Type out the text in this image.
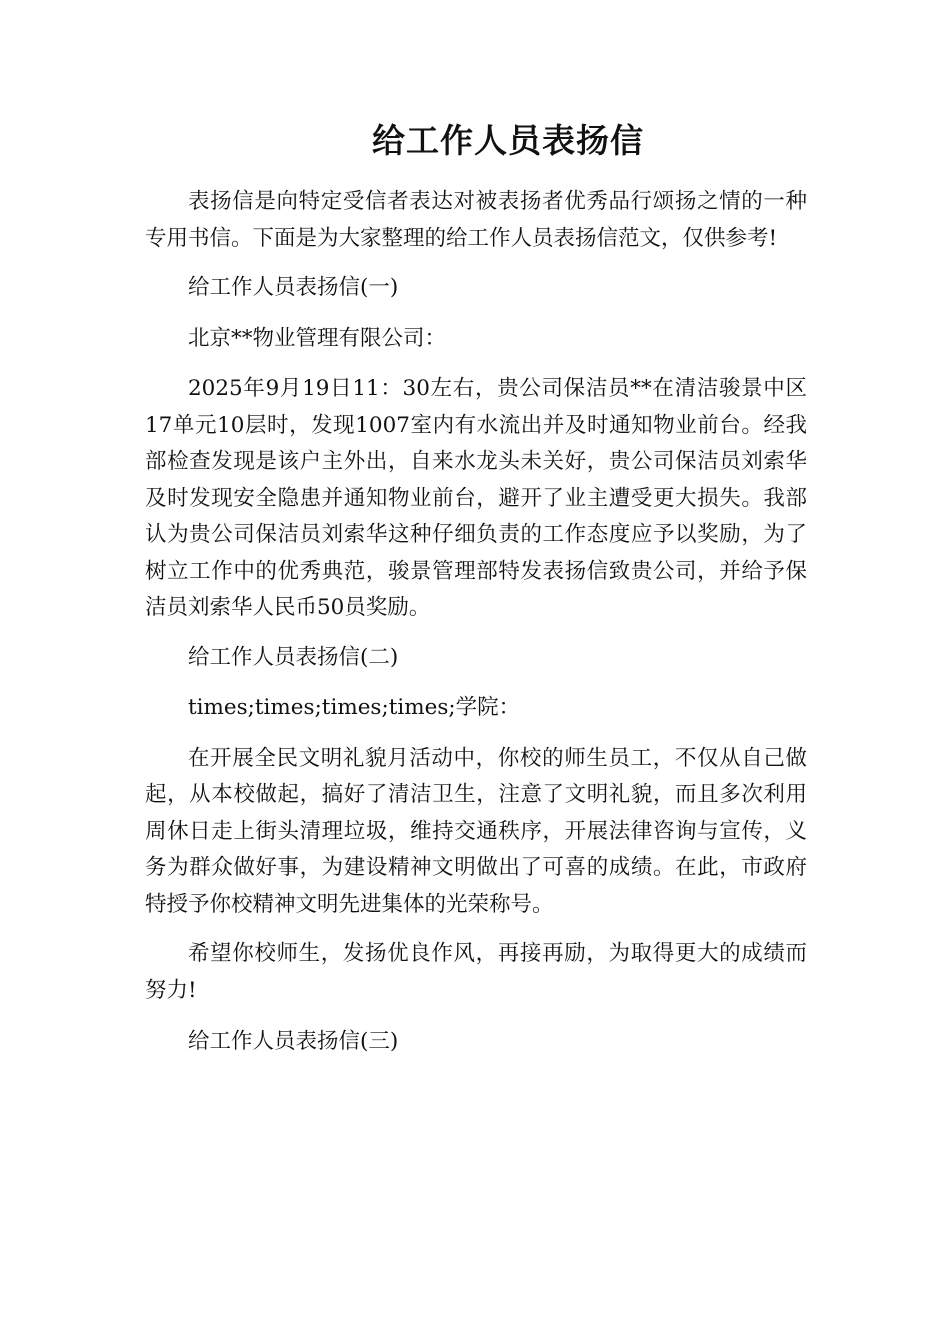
给工作人员表扬信

表扬信是向特定受信者表达对被表扬者优秀品行颂扬之情的一种专用书信。下面是为大家整理的给工作人员表扬信范文，仅供参考!

给工作人员表扬信(一)

北京**物业管理有限公司：

2025年9月19日11：30左右，贵公司保洁员**在清洁骏景中区17单元10层时，发现1007室内有水流出并及时通知物业前台。经我部检查发现是该户主外出，自来水龙头未关好，贵公司保洁员刘索华及时发现安全隐患并通知物业前台，避开了业主遭受更大损失。我部认为贵公司保洁员刘索华这种仔细负责的工作态度应予以奖励，为了树立工作中的优秀典范，骏景管理部特发表扬信致贵公司，并给予保洁员刘索华人民币50员奖励。

给工作人员表扬信(二)

times;times;times;times;学院：

在开展全民文明礼貌月活动中，你校的师生员工，不仅从自己做起，从本校做起，搞好了清洁卫生，注意了文明礼貌，而且多次利用周休日走上街头清理垃圾，维持交通秩序，开展法律咨询与宣传，义务为群众做好事，为建设精神文明做出了可喜的成绩。在此，市政府特授予你校精神文明先进集体的光荣称号。

希望你校师生，发扬优良作风，再接再励，为取得更大的成绩而努力!

给工作人员表扬信(三)
